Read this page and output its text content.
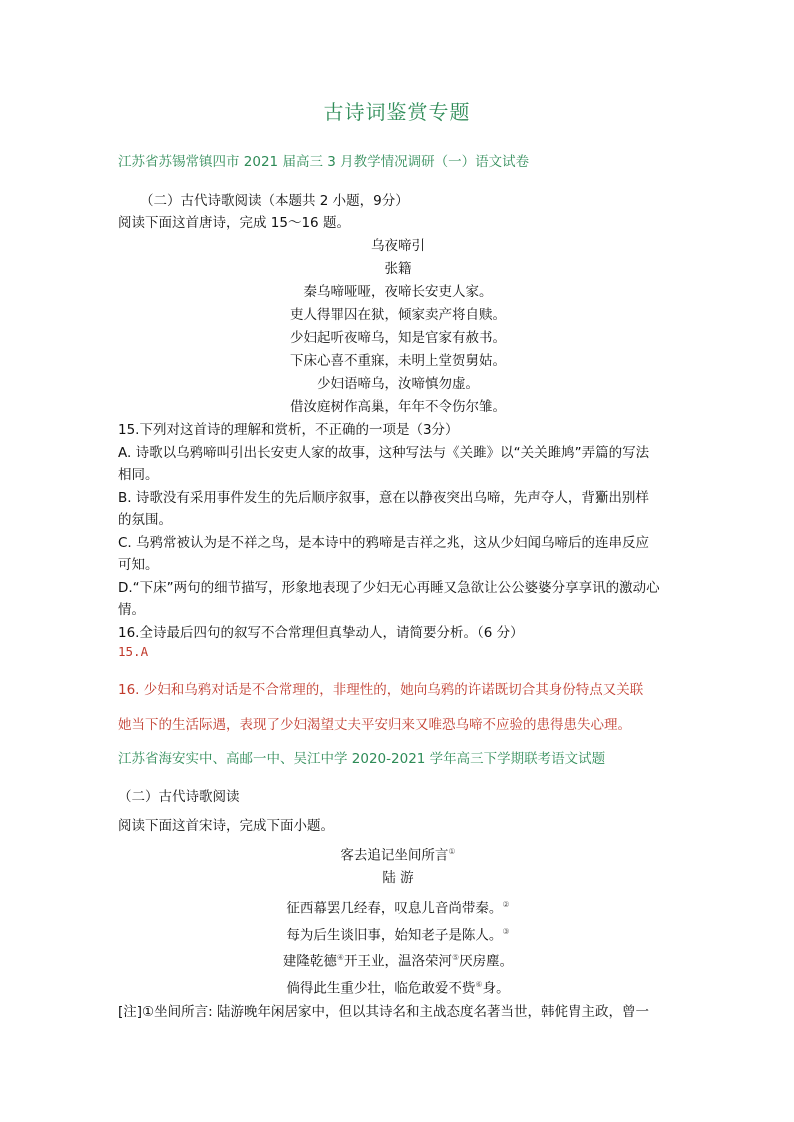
古诗词鉴赏专题
江苏省苏锡常镇四市 2021 届高三 3 月教学情况调研（一）语文试卷
（二）古代诗歌阅读（本题共 2 小题，9分）
阅读下面这首唐诗，完成 15～16 题。
乌夜啼引
张籍
秦乌啼哑哑，夜啼长安吏人家。
吏人得罪囚在狱，倾家卖产将自赎。
少妇起听夜啼乌，知是官家有赦书。
下床心喜不重寐，未明上堂贺舅姑。
少妇语啼乌，汝啼慎勿虚。
借汝庭树作高巢，年年不令伤尔雏。
15.下列对这首诗的理解和赏析，不正确的一项是（3分）
A. 诗歌以乌鸦啼叫引出长安吏人家的故事，这种写法与《关雎》以“关关雎鸠”弄篇的写法
相同。
B. 诗歌没有采用事件发生的先后顺序叙事，意在以静夜突出乌啼，先声夺人，背玂出别样
的氛围。
C. 乌鸦常被认为是不祥之鸟，是本诗中的鸦啼是吉祥之兆，这从少妇闻乌啼后的连串反应
可知。
D.“下床”两句的细节描写，形象地表现了少妇无心再睡又急欲让公公婆婆分享享讯的激动心
情。
16.全诗最后四句的叙写不合常理但真挚动人，请简要分析。（6 分）
15.A
16. 少妇和乌鸦对话是不合常理的，非理性的，她向乌鸦的许诺既切合其身份特点又关联
她当下的生活际遇，表现了少妇渴望丈夫平安归来又唯恐乌啼不应验的患得患失心理。
江苏省海安实中、高邮一中、吴江中学 2020-2021 学年高三下学期联考语文试题
（二）古代诗歌阅读
阅读下面这首宋诗，完成下面小题。
客去追记坐间所言①
陆 游
征西幕罢几经春，叹息儿音尚带秦。②
每为后生谈旧事，始知老子是陈人。③
建隆乾德④开王业，温洛荣河⑤厌房塵。
倘得此生重少壮，临危敢爱不赀⑥身。
[注]①坐间所言: 陆游晚年闲居家中，但以其诗名和主战态度名著当世，韩侂胄主政，曾一
